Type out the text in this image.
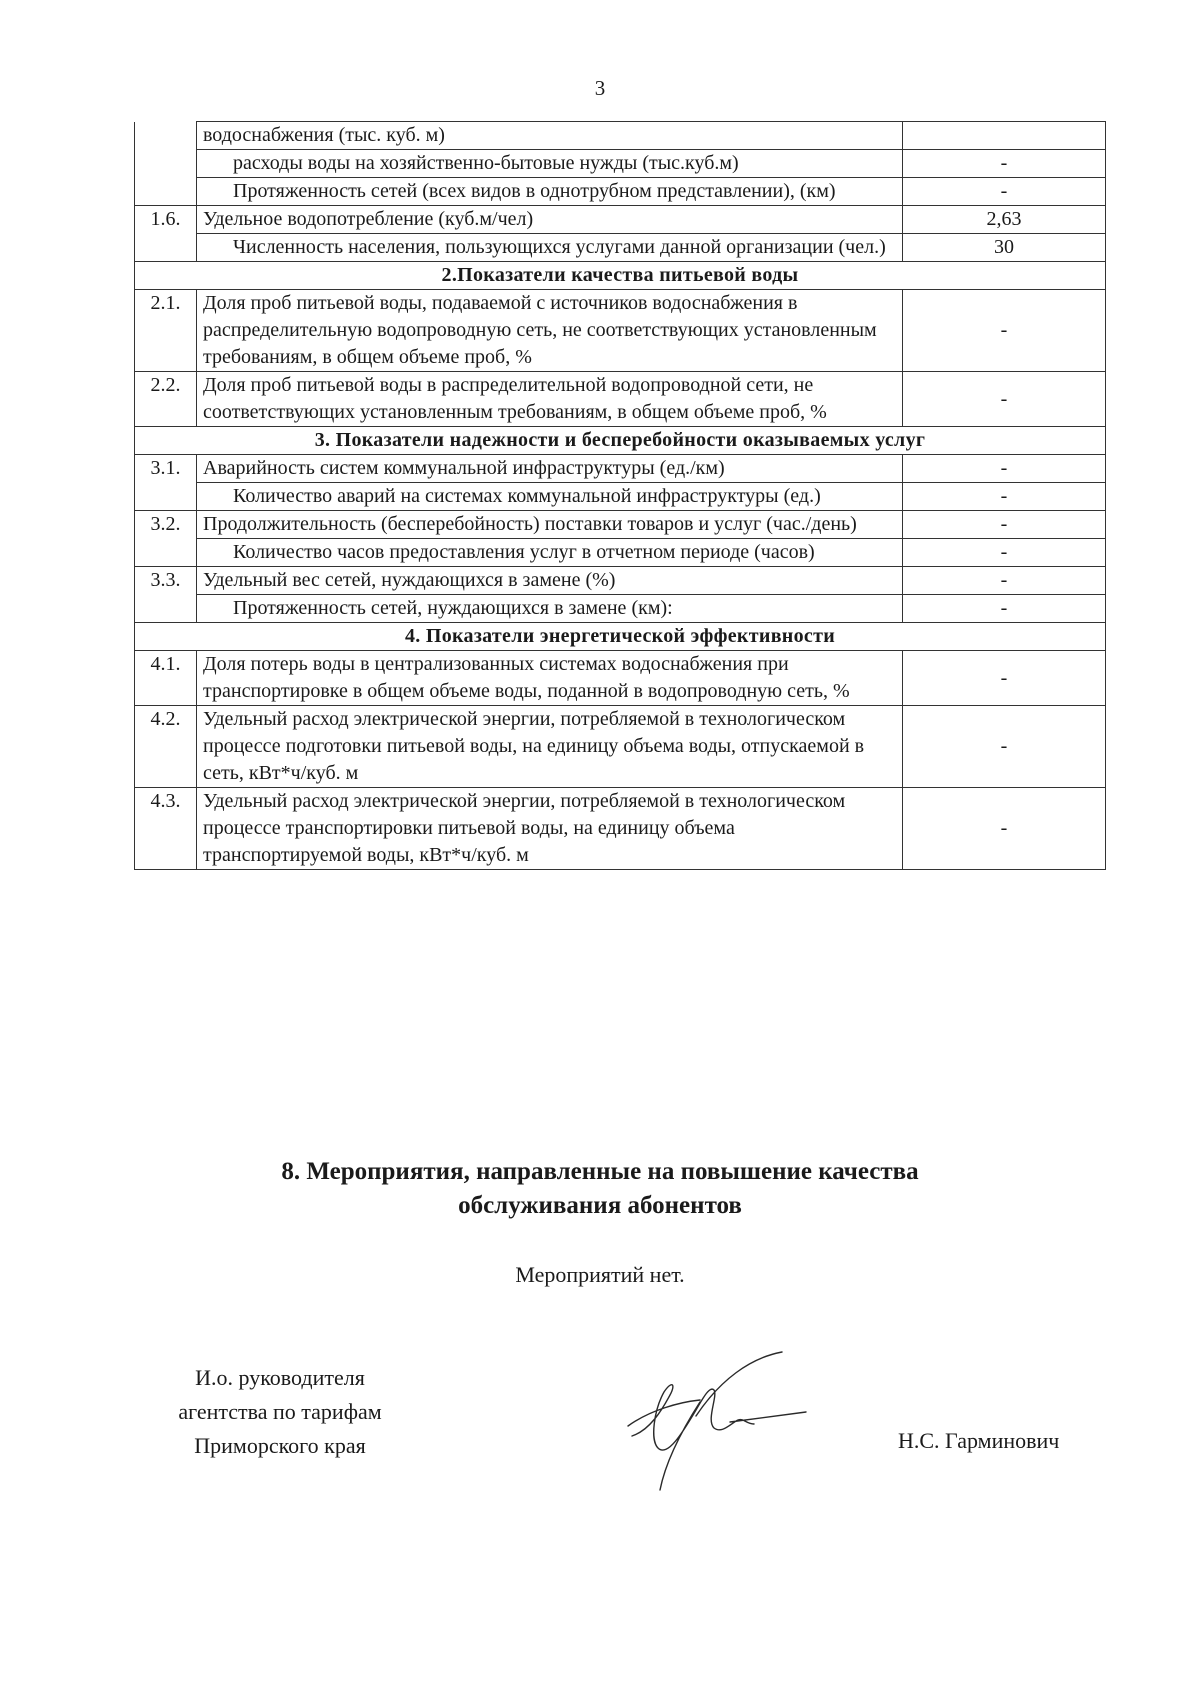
3
	водоснабжения (тыс. куб. м)	
	расходы воды на хозяйственно-бытовые нужды (тыс.куб.м)	-
	Протяженность сетей (всех видов в однотрубном представлении), (км)	-
1.6.	Удельное водопотребление (куб.м/чел)	2,63
	Численность населения, пользующихся услугами данной организации (чел.)	30
2.Показатели качества питьевой воды		
2.1.	Доля проб питьевой воды, подаваемой с источников водоснабжения в распределительную водопроводную сеть, не соответствующих установленным требованиям, в общем объеме проб, %	-
2.2.	Доля проб питьевой воды в распределительной водопроводной сети, не соответствующих установленным требованиям, в общем объеме проб, %	-
3. Показатели надежности и бесперебойности оказываемых услуг		
3.1.	Аварийность систем коммунальной инфраструктуры (ед./км)	-
	Количество аварий на системах коммунальной инфраструктуры (ед.)	-
3.2.	Продолжительность (бесперебойность) поставки товаров и услуг (час./день)	-
	Количество часов предоставления услуг в отчетном периоде (часов)	-
3.3.	Удельный вес сетей, нуждающихся в замене (%)	-
	Протяженность сетей, нуждающихся в замене (км):	-
4. Показатели энергетической эффективности		
4.1.	Доля потерь воды в централизованных системах водоснабжения при транспортировке в общем объеме воды, поданной в водопроводную сеть, %	-
4.2.	Удельный расход электрической энергии, потребляемой в технологическом процессе подготовки питьевой воды, на единицу объема воды, отпускаемой в сеть, кВт*ч/куб. м	-
4.3.	Удельный расход электрической энергии, потребляемой в технологическом процессе транспортировки питьевой воды, на единицу объема транспортируемой воды, кВт*ч/куб. м	-
8. Мероприятия, направленные на повышение качества
обслуживания абонентов
Мероприятий нет.
И.о. руководителя
агентства по тарифам
Приморского края	Н.С. Гарминович
